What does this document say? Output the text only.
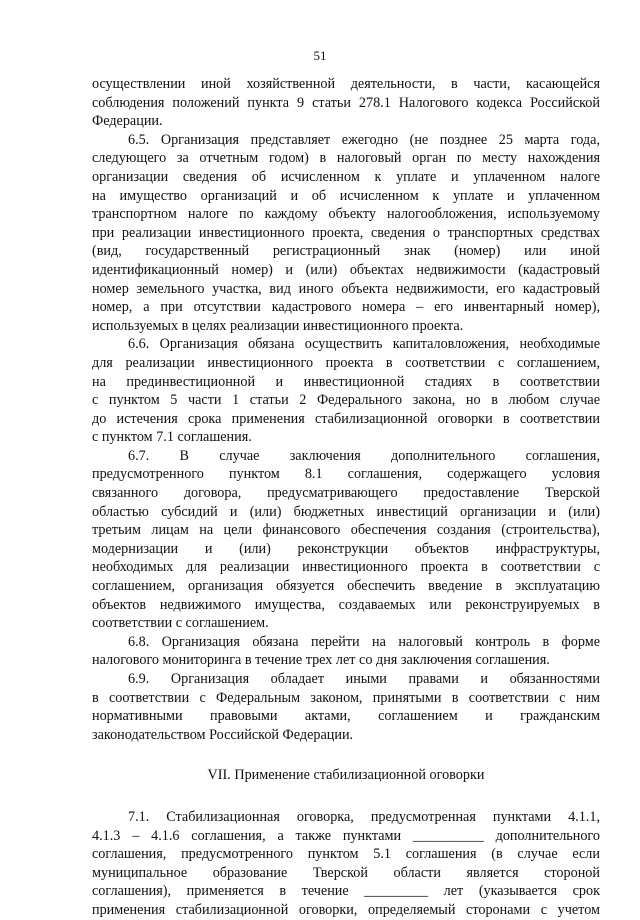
51
осуществлении иной хозяйственной деятельности, в части, касающейся
соблюдения положений пункта 9 статьи 278.1 Налогового кодекса Российской
Федерации.
6.5. Организация представляет ежегодно (не позднее 25 марта года,
следующего за отчетным годом) в налоговый орган по месту нахождения
организации сведения об исчисленном к уплате и уплаченном налоге
на имущество организаций и об исчисленном к уплате и уплаченном
транспортном налоге по каждому объекту налогообложения, используемому
при реализации инвестиционного проекта, сведения о транспортных средствах
(вид, государственный регистрационный знак (номер) или иной
идентификационный номер) и (или) объектах недвижимости (кадастровый
номер земельного участка, вид иного объекта недвижимости, его кадастровый
номер, а при отсутствии кадастрового номера – его инвентарный номер),
используемых в целях реализации инвестиционного проекта.
6.6. Организация обязана осуществить капиталовложения, необходимые
для реализации инвестиционного проекта в соответствии с соглашением,
на прединвестиционной и инвестиционной стадиях в соответствии
с пунктом 5 части 1 статьи 2 Федерального закона, но в любом случае
до истечения срока применения стабилизационной оговорки в соответствии
с пунктом 7.1 соглашения.
6.7. В случае заключения дополнительного соглашения,
предусмотренного пунктом 8.1 соглашения, содержащего условия
связанного договора, предусматривающего предоставление Тверской
областью субсидий и (или) бюджетных инвестиций организации и (или)
третьим лицам на цели финансового обеспечения создания (строительства),
модернизации и (или) реконструкции объектов инфраструктуры,
необходимых для реализации инвестиционного проекта в соответствии с
соглашением, организация обязуется обеспечить введение в эксплуатацию
объектов недвижимого имущества, создаваемых или реконструируемых в
соответствии с соглашением.
6.8. Организация обязана перейти на налоговый контроль в форме
налогового мониторинга в течение трех лет со дня заключения соглашения.
6.9. Организация обладает иными правами и обязанностями
в соответствии с Федеральным законом, принятыми в соответствии с ним
нормативными правовыми актами, соглашением и гражданским
законодательством Российской Федерации.
VII. Применение стабилизационной оговорки
7.1. Стабилизационная оговорка, предусмотренная пунктами 4.1.1,
4.1.3 – 4.1.6 соглашения, а также пунктами __________ дополнительного
соглашения, предусмотренного пунктом 5.1 соглашения (в случае если
муниципальное образование Тверской области является стороной
соглашения), применяется в течение _________ лет (указывается срок
применения стабилизационной оговорки, определяемый сторонами с учетом
